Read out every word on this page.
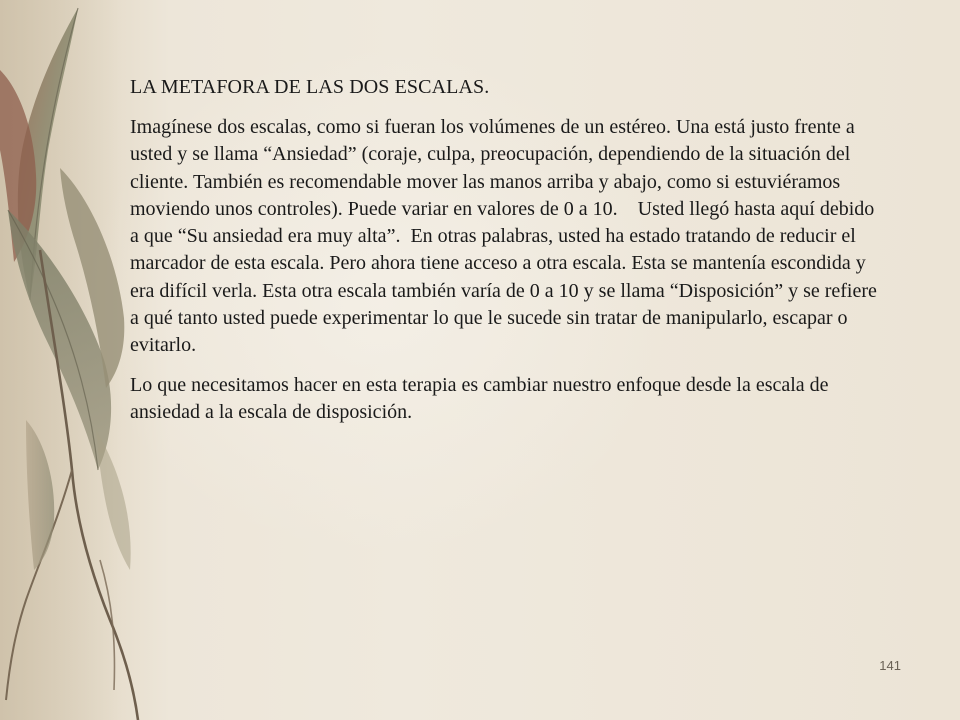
LA METAFORA DE LAS DOS ESCALAS.

Imagínese dos escalas, como si fueran los volúmenes de un estéreo. Una está justo frente a usted y se llama “Ansiedad” (coraje, culpa, preocupación, dependiendo de la situación del cliente. También es recomendable mover las manos arriba y abajo, como si estuviéramos moviendo unos controles). Puede variar en valores de 0 a 10.    Usted llegó hasta aquí debido a que “Su ansiedad era muy alta”.  En otras palabras, usted ha estado tratando de reducir el marcador de esta escala. Pero ahora tiene acceso a otra escala. Esta se mantenía escondida y era difícil verla. Esta otra escala también varía de 0 a 10 y se llama “Disposición” y se refiere a qué tanto usted puede experimentar lo que le sucede sin tratar de manipularlo, escapar o evitarlo.

Lo que necesitamos hacer en esta terapia es cambiar nuestro enfoque desde la escala de ansiedad a la escala de disposición.

141
